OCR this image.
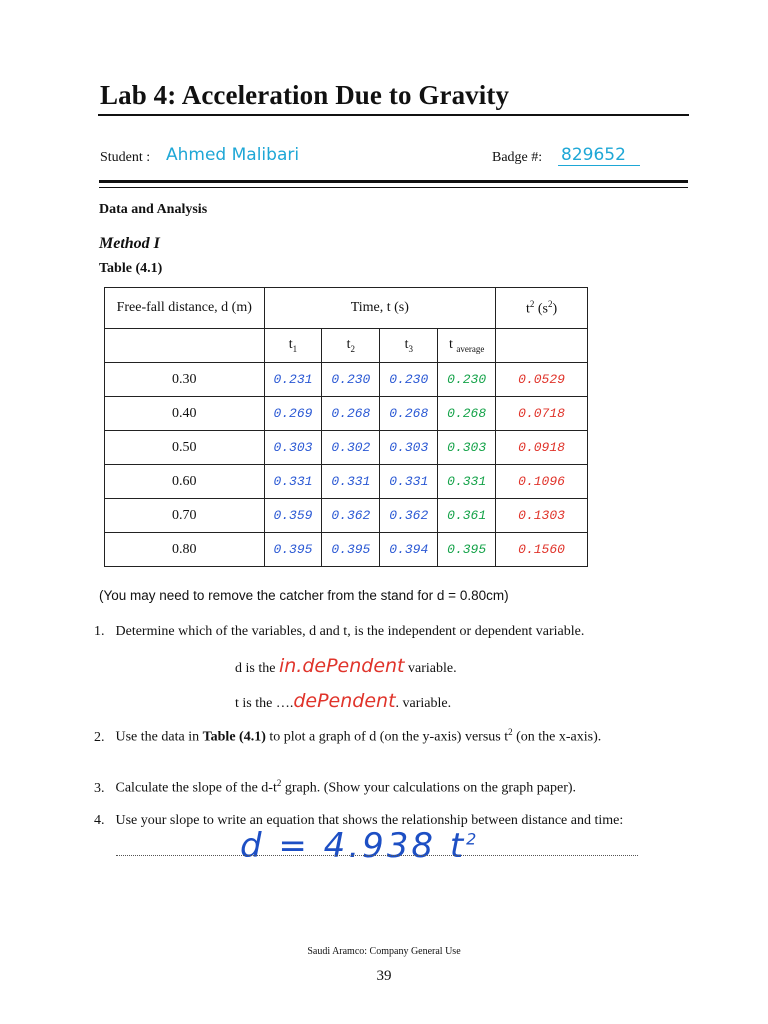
Lab 4: Acceleration Due to Gravity
Student : Ahmed Malibari	Badge #: 829652
Data and Analysis
Method I
Table (4.1)
Free-fall distance, d (m)	Time, t (s)				$t^2$ $(s^2)$
	$t_1$	$t_2$	$t_3$	t $_{average}$	
0.30	0.231	0.230	0.230	0.230	0.0529
0.40	0.269	0.268	0.268	0.268	0.0718
0.50	0.303	0.302	0.303	0.303	0.0918
0.60	0.331	0.331	0.331	0.331	0.1096
0.70	0.359	0.362	0.362	0.361	0.1303
0.80	0.395	0.395	0.394	0.395	0.1560
(You may need to remove the catcher from the stand for d = 0.80cm)
1. Determine which of the variables, d and t, is the independent or dependent variable.
d is the in.dePendent variable.
t is the ….dePendent. variable.
2. Use the data in Table (4.1) to plot a graph of d (on the y-axis) versus $t^2$ (on the x-axis).
3. Calculate the slope of the $d-t^2$ graph. (Show your calculations on the graph paper).
4. Use your slope to write an equation that shows the relationship between distance and time:
d = 4.938 $t^2$
Saudi Aramco: Company General Use
39
